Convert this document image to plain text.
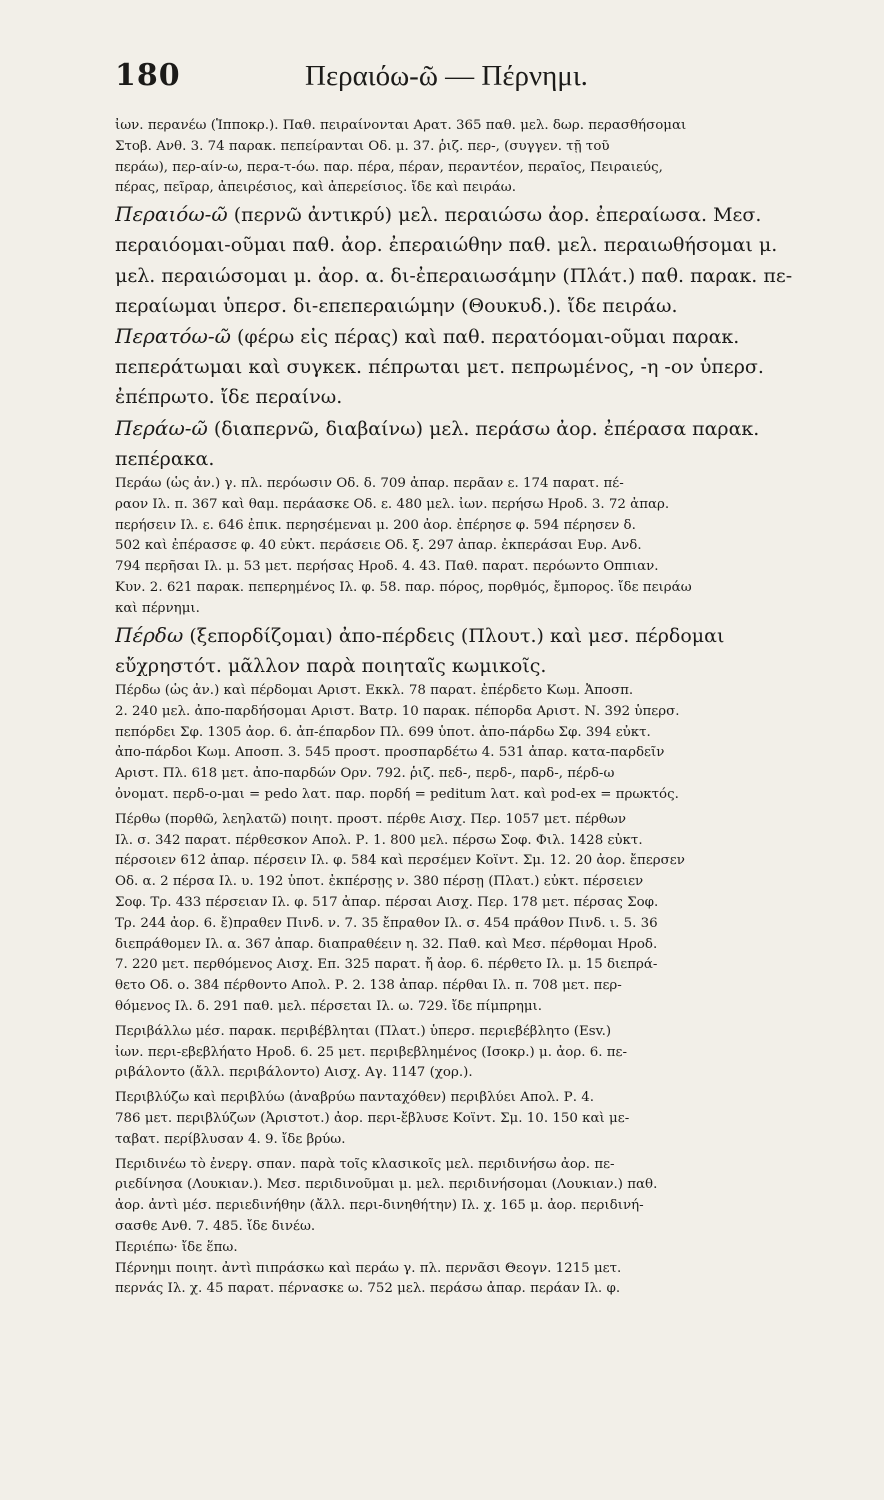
180	Περαιόω-ῶ — Πέρνημι.
ἰων. περανέω (Ἱπποκρ.). Παθ. πειραίνονται Αρατ. 365 παθ. μελ. δωρ. περασθήσομαι
Στοβ. Ανθ. 3. 74 παρακ. πεπείρανται Οδ. μ. 37. ῥιζ. περ-, (συγγεν. τῇ τοῦ
περάω), περ-αίν-ω, περα-τ-όω. παρ. πέρα, πέραν, περαντέον, περαῖος, Πειραιεύς,
πέρας, πεῖραρ, ἀπειρέσιος, καὶ ἀπερείσιος. ἴδε καὶ πειράω.
Περαιόω-ῶ (περνῶ ἀντικρύ) μελ. περαιώσω ἀορ. ἐπεραίωσα. Μεσ.
περαιόομαι-οῦμαι παθ. ἀορ. ἐπεραιώθην παθ. μελ. περαιωθήσομαι μ.
μελ. περαιώσομαι μ. ἀορ. α. δι-ἐπεραιωσάμην (Πλάτ.) παθ. παρακ. πε-
περαίωμαι ὑπερσ. δι-επεπεραιώμην (Θουκυδ.). ἴδε πειράω.
Περατόω-ῶ (φέρω εἰς πέρας) καὶ παθ. περατόομαι-οῦμαι παρακ.
πεπεράτωμαι καὶ συγκεκ. πέπρωται μετ. πεπρωμένος, -η -ον ὑπερσ.
ἐπέπρωτο. ἴδε περαίνω.
Περάω-ῶ (διαπερνῶ, διαβαίνω) μελ. περάσω ἀορ. ἐπέρασα παρακ.
πεπέρακα.
Περάω (ὡς ἀν.) γ. πλ. περόωσιν Οδ. δ. 709 ἀπαρ. περᾶαν ε. 174 παρατ. πέ-
ραον Ιλ. π. 367 καὶ θαμ. περάασκε Οδ. ε. 480 μελ. ἰων. περήσω Ηροδ. 3. 72 ἀπαρ.
περήσειν Ιλ. ε. 646 ἐπικ. περησέμεναι μ. 200 ἀορ. ἐπέρησε φ. 594 πέρησεν δ.
502 καὶ ἐπέρασσε φ. 40 εὐκτ. περάσειε Οδ. ξ. 297 ἀπαρ. ἐκπεράσαι Ευρ. Ανδ.
794 περῆσαι Ιλ. μ. 53 μετ. περήσας Ηροδ. 4. 43. Παθ. παρατ. περόωντο Οππιαν.
Κυν. 2. 621 παρακ. πεπερημένος Ιλ. φ. 58. παρ. πόρος, πορθμός, ἔμπορος. ἴδε πειράω
καὶ πέρνημι.
Πέρδω (ξεπορδίζομαι) ἀπο-πέρδεις (Πλουτ.) καὶ μεσ. πέρδομαι
εὔχρηστότ. μᾶλλον παρὰ ποιηταῖς κωμικοῖς.
Πέρδω (ὡς ἀν.) καὶ πέρδομαι Αριστ. Εκκλ. 78 παρατ. ἐπέρδετο Κωμ. Ἀποσπ.
2. 240 μελ. ἀπο-παρδήσομαι Αριστ. Βατρ. 10 παρακ. πέπορδα Αριστ. Ν. 392 ὑπερσ.
πεπόρδει Σφ. 1305 ἀορ. 6. ἀπ-έπαρδον Πλ. 699 ὑποτ. ἀπο-πάρδω Σφ. 394 εὐκτ.
ἀπο-πάρδοι Κωμ. Αποσπ. 3. 545 προστ. προσπαρδέτω 4. 531 ἀπαρ. κατα-παρδεῖν
Αριστ. Πλ. 618 μετ. ἀπο-παρδών Ορν. 792. ῥιζ. πεδ-, περδ-, παρδ-, πέρδ-ω
ὀνοματ. περδ-ο-μαι = pedo λατ. παρ. πορδή = peditum λατ. καὶ pod-ex = πρωκτός.
Πέρθω (πορθῶ, λεηλατῶ) ποιητ. προστ. πέρθε Αισχ. Περ. 1057 μετ. πέρθων
Ιλ. σ. 342 παρατ. πέρθεσκον Απολ. Ρ. 1. 800 μελ. πέρσω Σοφ. Φιλ. 1428 εὐκτ.
πέρσοιεν 612 ἀπαρ. πέρσειν Ιλ. φ. 584 καὶ περσέμεν Κοϊντ. Σμ. 12. 20 ἀορ. ἔπερσεν
Οδ. α. 2 πέρσα Ιλ. υ. 192 ὑποτ. ἐκπέρσῃς ν. 380 πέρσῃ (Πλατ.) εὐκτ. πέρσειεν
Σοφ. Τρ. 433 πέρσειαν Ιλ. φ. 517 ἀπαρ. πέρσαι Αισχ. Περ. 178 μετ. πέρσας Σοφ.
Τρ. 244 ἀορ. 6. ἔ)πραθεν Πινδ. ν. 7. 35 ἔπραθον Ιλ. σ. 454 πράθον Πινδ. ι. 5. 36
διεπράθομεν Ιλ. α. 367 ἀπαρ. διαπραθέειν η. 32. Παθ. καὶ Μεσ. πέρθομαι Ηροδ.
7. 220 μετ. περθόμενος Αισχ. Επ. 325 παρατ. ἤ ἀορ. 6. πέρθετο Ιλ. μ. 15 διεπρά-
θετο Οδ. ο. 384 πέρθοντο Απολ. Ρ. 2. 138 ἀπαρ. πέρθαι Ιλ. π. 708 μετ. περ-
θόμενος Ιλ. δ. 291 παθ. μελ. πέρσεται Ιλ. ω. 729. ἴδε πίμπρημι.
Περιβάλλω μέσ. παρακ. περιβέβληται (Πλατ.) ὑπερσ. περιεβέβλητο (Esv.)
ἰων. περι-εβεβλήατο Ηροδ. 6. 25 μετ. περιβεβλημένος (Ισοκρ.) μ. ἀορ. 6. πε-
ριβάλοντο (ἄλλ. περιβάλοντο) Αισχ. Αγ. 1147 (χορ.).
Περιβλύζω καὶ περιβλύω (ἀναβρύω πανταχόθεν) περιβλύει Απολ. Ρ. 4.
786 μετ. περιβλύζων (Ἀριστοτ.) ἀορ. περι-ἔβλυσε Κοϊντ. Σμ. 10. 150 καὶ με-
ταβατ. περίβλυσαν 4. 9. ἴδε βρύω.
Περιδινέω τὸ ἐνεργ. σπαν. παρὰ τοῖς κλασικοῖς μελ. περιδινήσω ἀορ. πε-
ριεδίνησα (Λουκιαν.). Μεσ. περιδινοῦμαι μ. μελ. περιδινήσομαι (Λουκιαν.) παθ.
ἀορ. ἀντὶ μέσ. περιεδινήθην (ἄλλ. περι-δινηθήτην) Ιλ. χ. 165 μ. ἀορ. περιδινή-
σασθε Ανθ. 7. 485. ἴδε δινέω.
Περιέπω· ἴδε ἕπω.
Πέρνημι ποιητ. ἀντὶ πιπράσκω καὶ περάω γ. πλ. περνᾶσι Θεογν. 1215 μετ.
περνάς Ιλ. χ. 45 παρατ. πέρνασκε ω. 752 μελ. περάσω ἀπαρ. περάαν Ιλ. φ.
